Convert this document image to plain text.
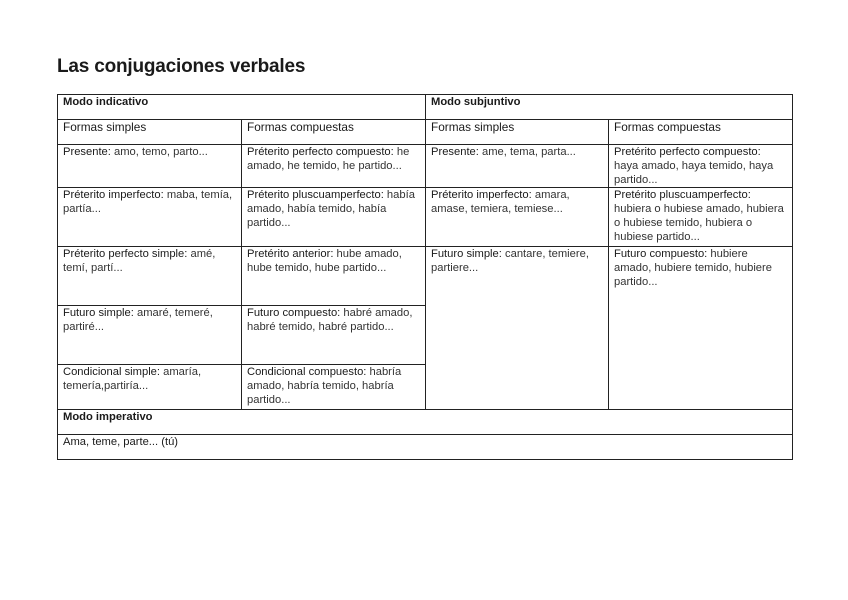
Las conjugaciones verbales
Modo indicativo		Modo subjuntivo	
Formas simples	Formas compuestas	Formas simples	Formas compuestas
Presente: amo, temo, parto...	Préterito perfecto compuesto: he amado, he temido, he partido...	Presente: ame, tema, parta...	Pretérito perfecto compuesto: haya amado, haya temido, haya partido...
Préterito imperfecto: maba, temía, partía...	Préterito pluscuamperfecto: había amado, había temido, había partido...	Préterito imperfecto: amara, amase, temiera, temiese...	Pretérito pluscuamperfecto: hubiera o hubiese amado, hubiera o hubiese temido, hubiera o hubiese partido...
Préterito perfecto simple: amé, temí, partí...	Pretérito anterior: hube amado, hube temido, hube partido...	Futuro simple: cantare, temiere, partiere...	Futuro compuesto: hubiere amado, hubiere temido, hubiere partido...
Futuro simple: amaré, temeré, partiré...	Futuro compuesto: habré amado, habré temido, habré partido...		
Condicional simple: amaría, temería,partiría...	Condicional compuesto: habría amado, habría temido, habría partido...		
Modo imperativo			
Ama, teme, parte... (tú)			
